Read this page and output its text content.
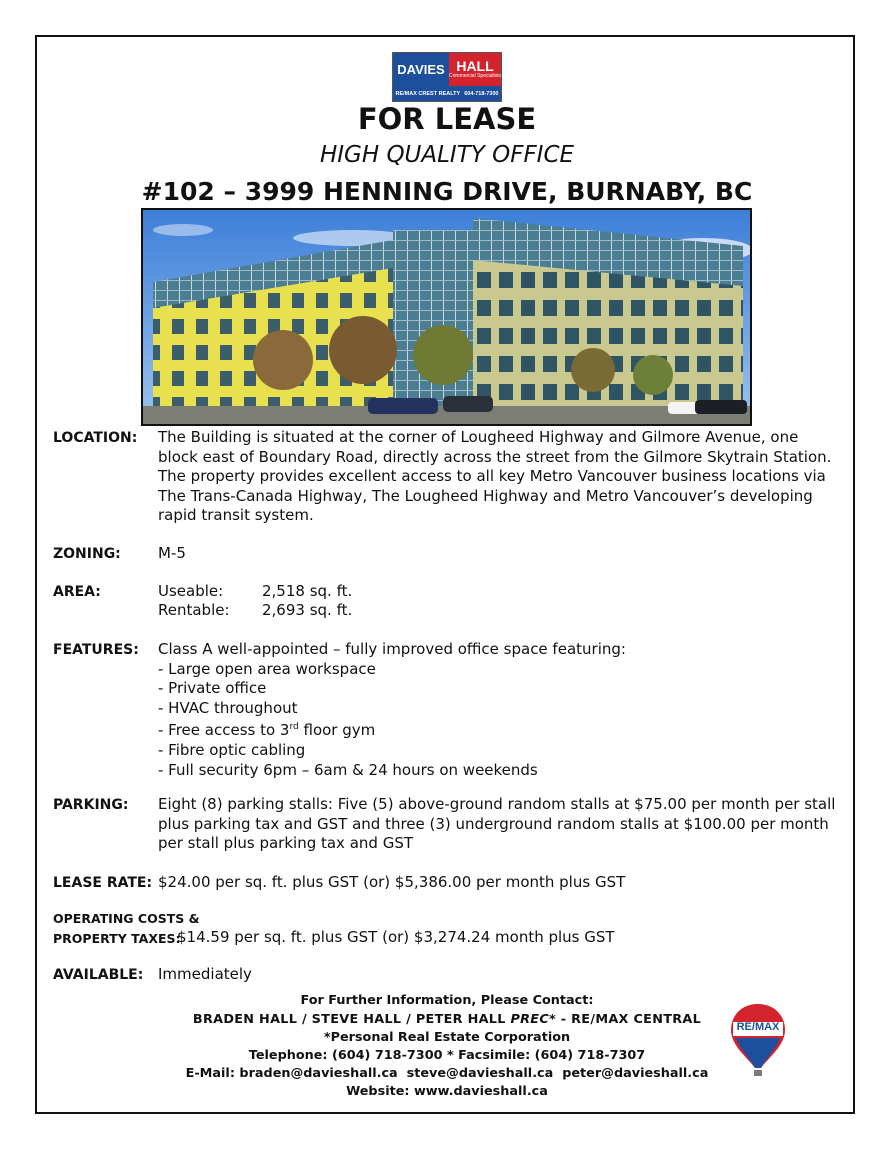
DAVIES HALL
Commercial Specialists
RE/MAX CREST REALTY 604-718-7300
FOR LEASE
HIGH QUALITY OFFICE
#102 – 3999 HENNING DRIVE, BURNABY, BC
LOCATION: The Building is situated at the corner of Lougheed Highway and Gilmore Avenue, one
block east of Boundary Road, directly across the street from the Gilmore Skytrain Station.
The property provides excellent access to all key Metro Vancouver business locations via
The Trans-Canada Highway, The Lougheed Highway and Metro Vancouver’s developing
rapid transit system.
ZONING: M-5
AREA:	Useable:	2,518 sq. ft.
Rentable: 2,693 sq. ft.
FEATURES: Class A well-appointed – fully improved office space featuring:
- Large open area workspace
- Private office
- HVAC throughout
- Free access to 3rd floor gym
- Fibre optic cabling
- Full security 6pm – 6am & 24 hours on weekends
PARKING: Eight (8) parking stalls: Five (5) above-ground random stalls at $75.00 per month per stall
plus parking tax and GST and three (3) underground random stalls at $100.00 per month
per stall plus parking tax and GST
LEASE RATE: $24.00 per sq. ft. plus GST (or) $5,386.00 per month plus GST
OPERATING COSTS &
PROPERTY TAXES:
$14.59 per sq. ft. plus GST (or) $3,274.24 month plus GST
AVAILABLE: Immediately
For Further Information, Please Contact:
BRADEN HALL / STEVE HALL / PETER HALL PREC* - RE/MAX CENTRAL
*Personal Real Estate Corporation
Telephone: (604) 718-7300 * Facsimile: (604) 718-7307
E-Mail: braden@davieshall.ca steve@davieshall.ca peter@davieshall.ca
Website: www.davieshall.ca
RE/MAX
